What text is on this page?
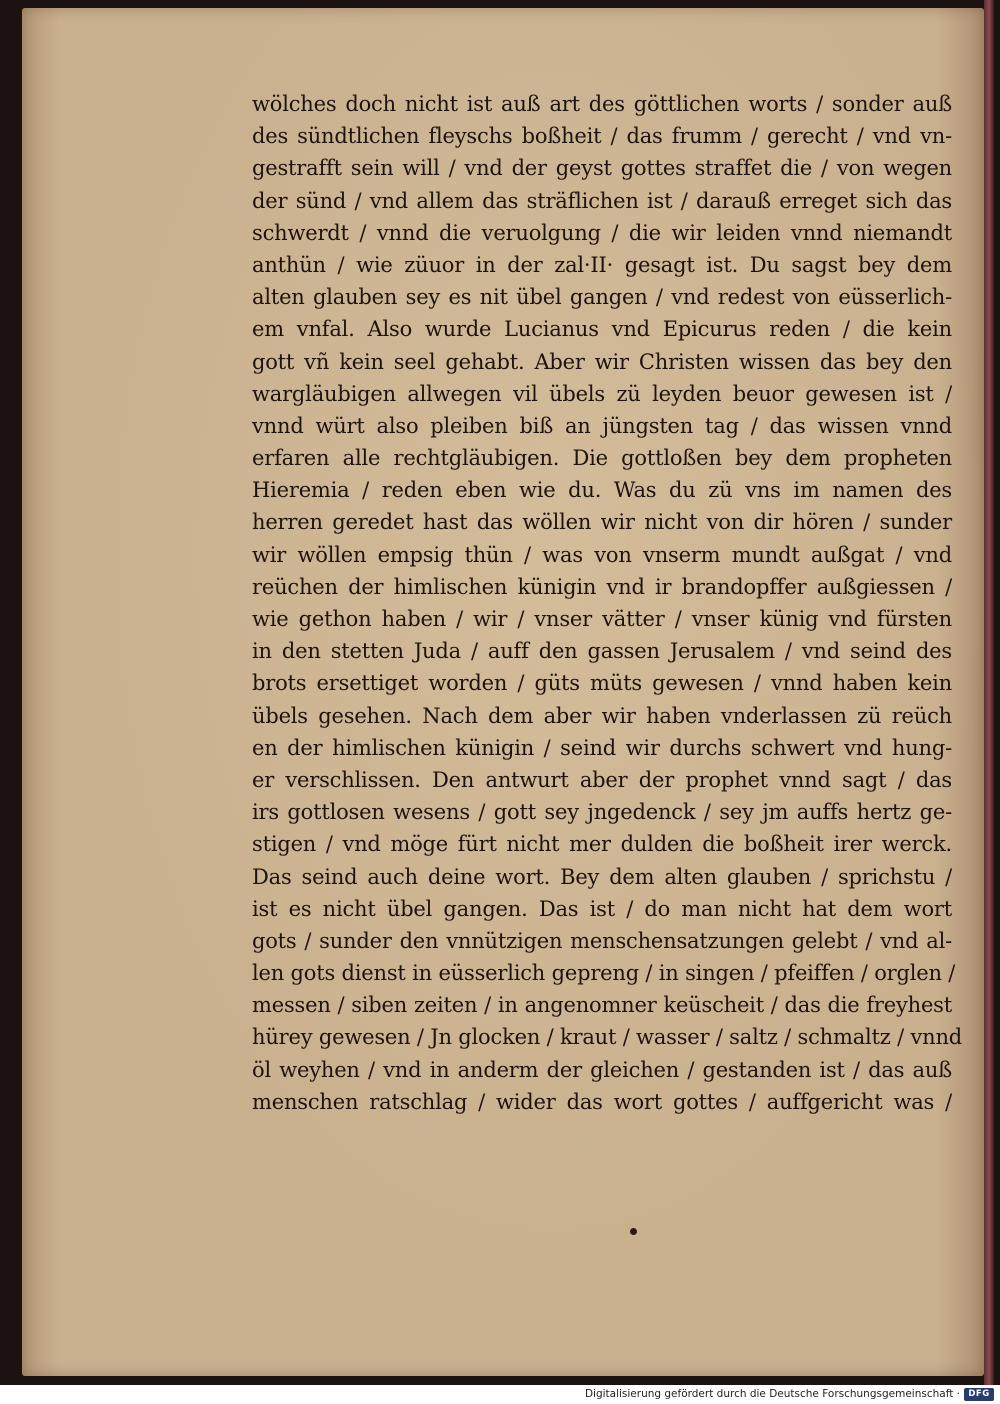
wölches doch nicht ist auß art des göttlichen worts / sonder auß
des sündtlichen fleyschs boßheit / das frumm / gerecht / vnd vn-
gestrafft sein will / vnd der geyst gottes straffet die / von wegen
der sünd / vnd allem das sträflichen ist / darauß erreget sich das
schwerdt / vnnd die veruolgung / die wir leiden vnnd niemandt
anthün / wie züuor in der zal·II· gesagt ist. Du sagst bey dem
alten glauben sey es nit übel gangen / vnd redest von eüsserlich-
em vnfal. Also wurde Lucianus vnd Epicurus reden / die kein
gott vñ kein seel gehabt. Aber wir Christen wissen das bey den
wargläubigen allwegen vil übels zü leyden beuor gewesen ist /
vnnd würt also pleiben biß an jüngsten tag / das wissen vnnd
erfaren alle rechtgläubigen. Die gottloßen bey dem propheten
Hieremia / reden eben wie du. Was du zü vns im namen des
herren geredet hast das wöllen wir nicht von dir hören / sunder
wir wöllen empsig thün / was von vnserm mundt außgat / vnd
reüchen der himlischen künigin vnd ir brandopffer außgiessen /
wie gethon haben / wir / vnser vätter / vnser künig vnd fürsten
in den stetten Juda / auff den gassen Jerusalem / vnd seind des
brots ersettiget worden / güts müts gewesen / vnnd haben kein
übels gesehen. Nach dem aber wir haben vnderlassen zü reüch
en der himlischen künigin / seind wir durchs schwert vnd hung-
er verschlissen. Den antwurt aber der prophet vnnd sagt / das
irs gottlosen wesens / gott sey jngedenck / sey jm auffs hertz ge-
stigen / vnd möge fürt nicht mer dulden die boßheit irer werck.
Das seind auch deine wort. Bey dem alten glauben / sprichstu /
ist es nicht übel gangen. Das ist / do man nicht hat dem wort
gots / sunder den vnnützigen menschensatzungen gelebt / vnd al-
len gots dienst in eüsserlich gepreng / in singen / pfeiffen / orglen /
messen / siben zeiten / in angenomner keüscheit / das die freyhest
hürey gewesen / Jn glocken / kraut / wasser / saltz / schmaltz / vnnd
öl weyhen / vnd in anderm der gleichen / gestanden ist / das auß
menschen ratschlag / wider das wort gottes / auffgericht was /
Digitalisierung gefördert durch die Deutsche Forschungsgemeinschaft · DFG
